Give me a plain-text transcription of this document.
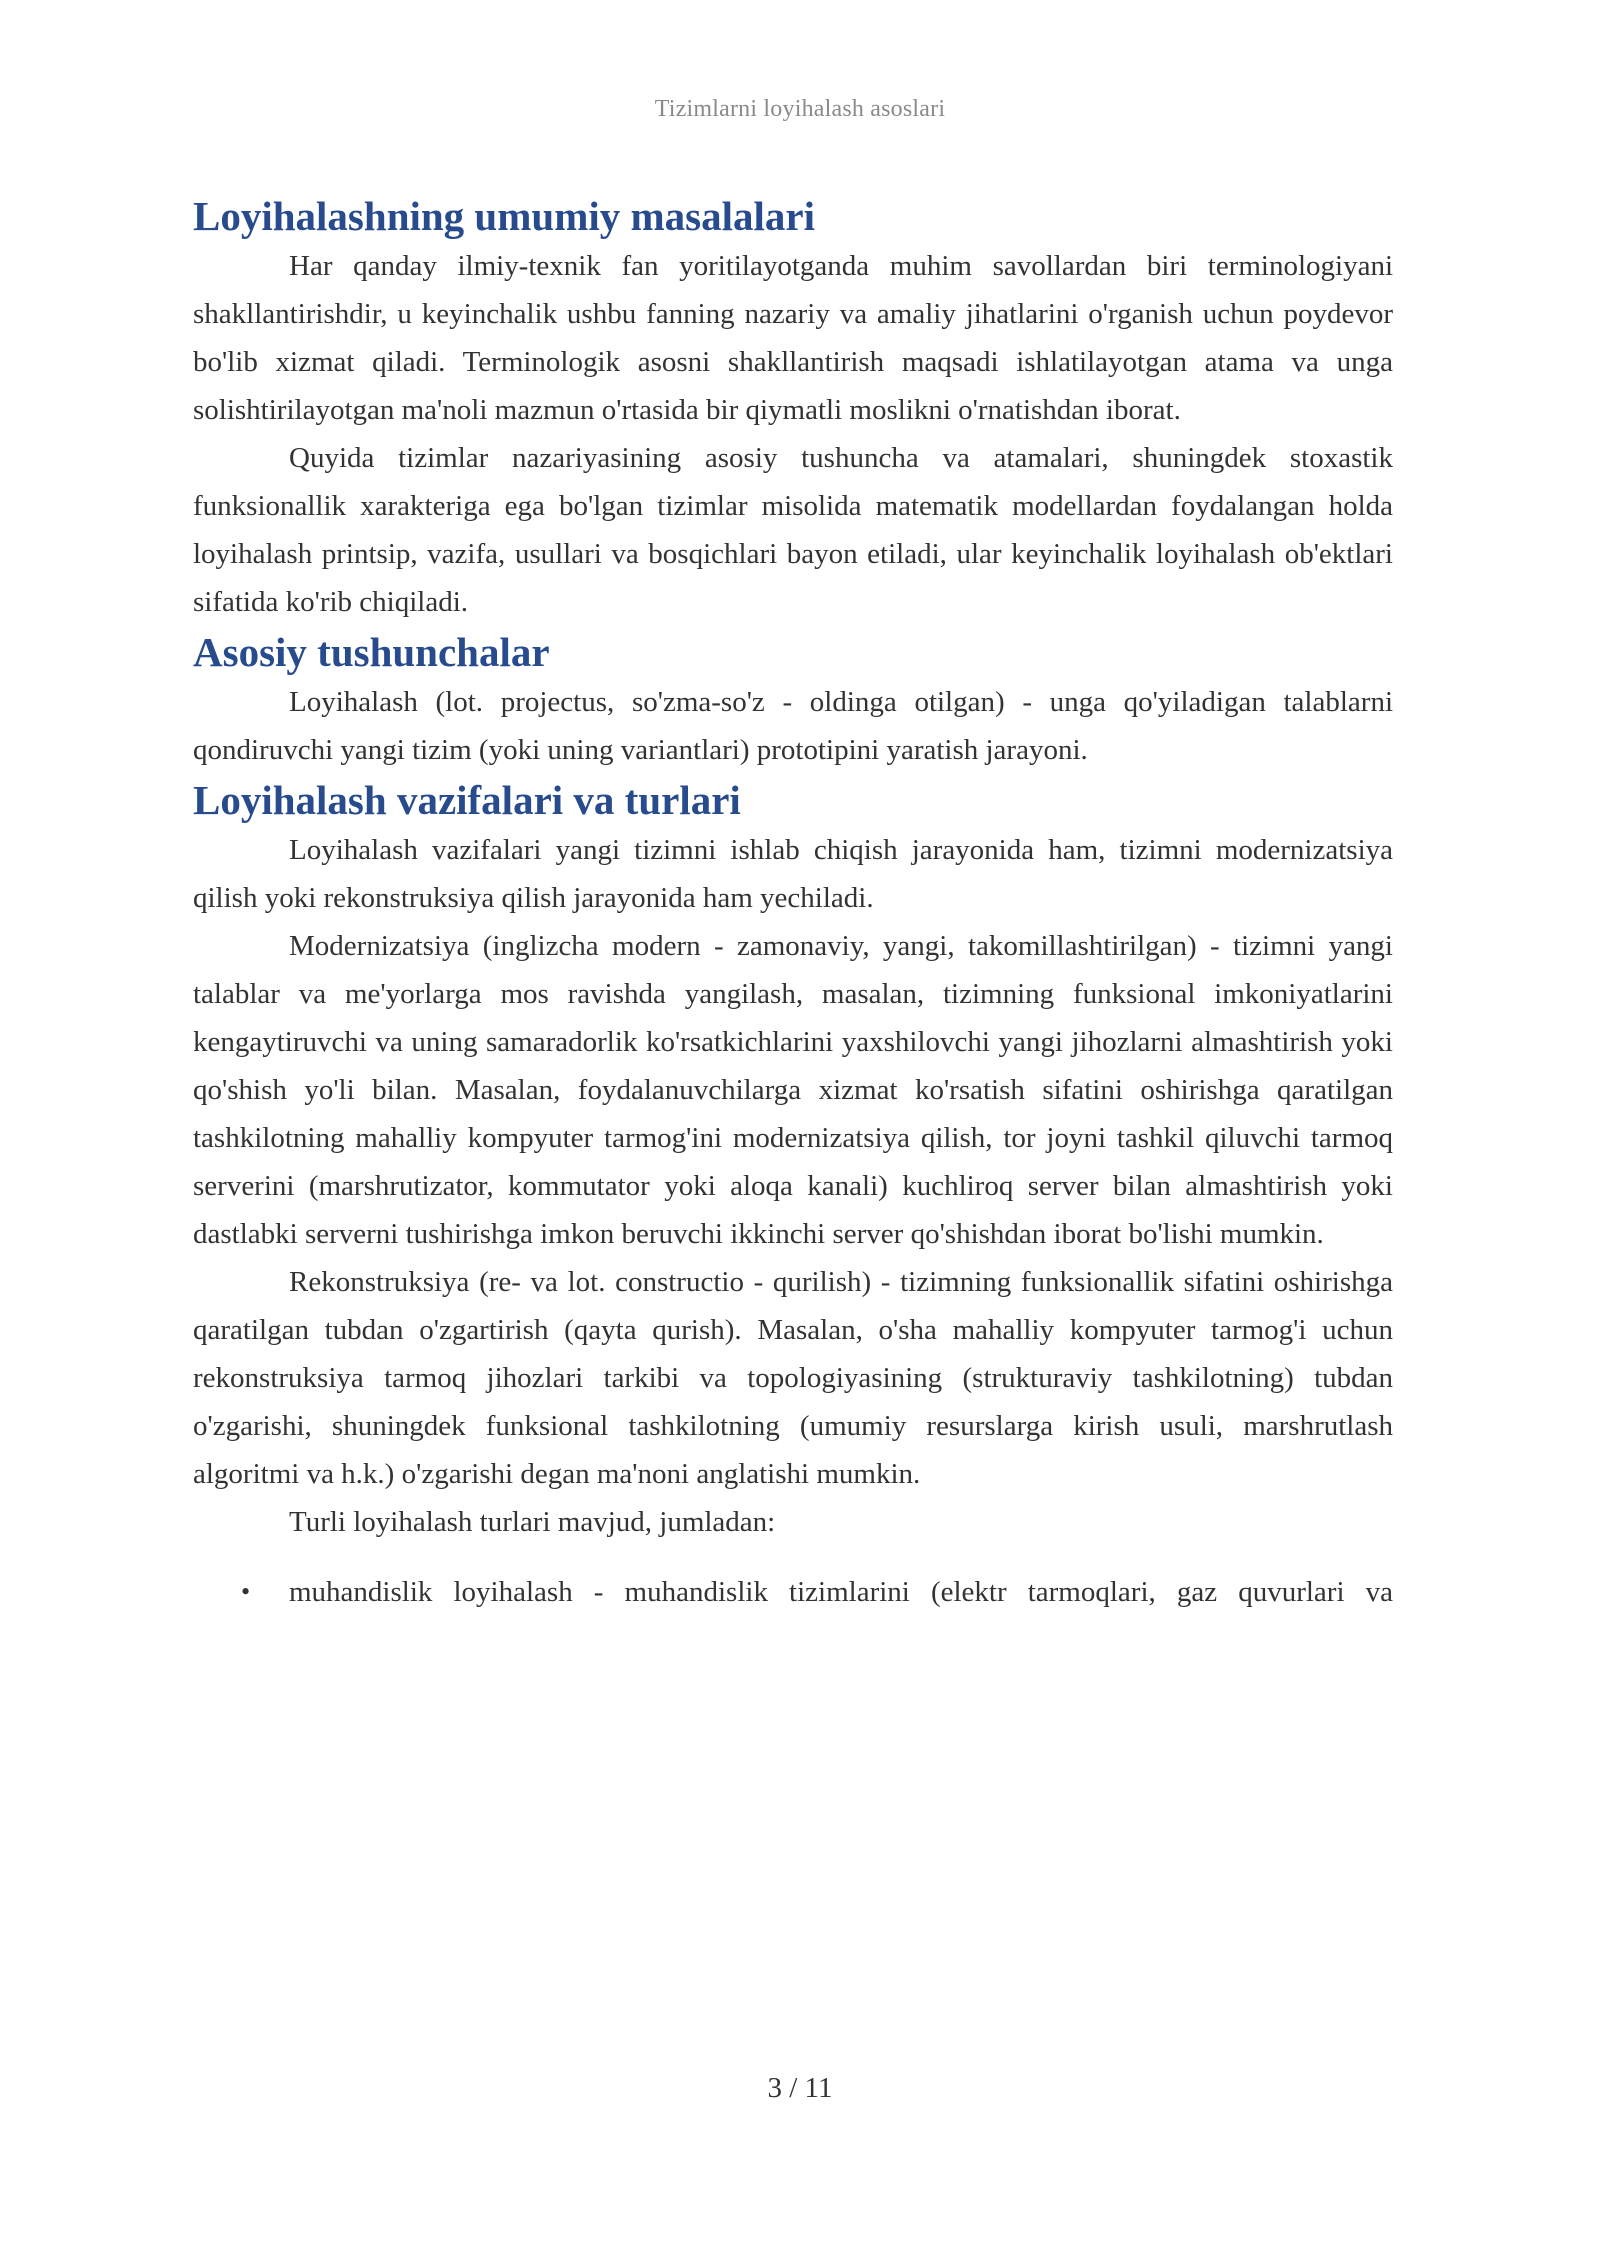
Tizimlarni loyihalash asoslari
Loyihalashning umumiy masalalari

Har qanday ilmiy-texnik fan yoritilayotganda muhim savollardan biri terminologiyani shakllantirishdir, u keyinchalik ushbu fanning nazariy va amaliy jihatlarini o'rganish uchun poydevor bo'lib xizmat qiladi. Terminologik asosni shakllantirish maqsadi ishlatilayotgan atama va unga solishtirilayotgan ma'noli mazmun o'rtasida bir qiymatli moslikni o'rnatishdan iborat.

Quyida tizimlar nazariyasining asosiy tushuncha va atamalari, shuningdek stoxastik funksionallik xarakteriga ega bo'lgan tizimlar misolida matematik modellardan foydalangan holda loyihalash printsip, vazifa, usullari va bosqichlari bayon etiladi, ular keyinchalik loyihalash ob'ektlari sifatida ko'rib chiqiladi.

Asosiy tushunchalar

Loyihalash (lot. projectus, so'zma-so'z - oldinga otilgan) - unga qo'yiladigan talablarni qondiruvchi yangi tizim (yoki uning variantlari) prototipini yaratish jarayoni.

Loyihalash vazifalari va turlari

Loyihalash vazifalari yangi tizimni ishlab chiqish jarayonida ham, tizimni modernizatsiya qilish yoki rekonstruksiya qilish jarayonida ham yechiladi.

Modernizatsiya (inglizcha modern - zamonaviy, yangi, takomillashtirilgan) - tizimni yangi talablar va me'yorlarga mos ravishda yangilash, masalan, tizimning funksional imkoniyatlarini kengaytiruvchi va uning samaradorlik ko'rsatkichlarini yaxshilovchi yangi jihozlarni almashtirish yoki qo'shish yo'li bilan. Masalan, foydalanuvchilarga xizmat ko'rsatish sifatini oshirishga qaratilgan tashkilotning mahalliy kompyuter tarmog'ini modernizatsiya qilish, tor joyni tashkil qiluvchi tarmoq serverini (marshrutizator, kommutator yoki aloqa kanali) kuchliroq server bilan almashtirish yoki dastlabki serverni tushirishga imkon beruvchi ikkinchi server qo'shishdan iborat bo'lishi mumkin.

Rekonstruksiya (re- va lot. constructio - qurilish) - tizimning funksionallik sifatini oshirishga qaratilgan tubdan o'zgartirish (qayta qurish). Masalan, o'sha mahalliy kompyuter tarmog'i uchun rekonstruksiya tarmoq jihozlari tarkibi va topologiyasining (strukturaviy tashkilotning) tubdan o'zgarishi, shuningdek funksional tashkilotning (umumiy resurslarga kirish usuli, marshrutlash algoritmi va h.k.) o'zgarishi degan ma'noni anglatishi mumkin.

Turli loyihalash turlari mavjud, jumladan:

• muhandislik loyihalash - muhandislik tizimlarini (elektr tarmoqlari, gaz quvurlari va
3 / 11
